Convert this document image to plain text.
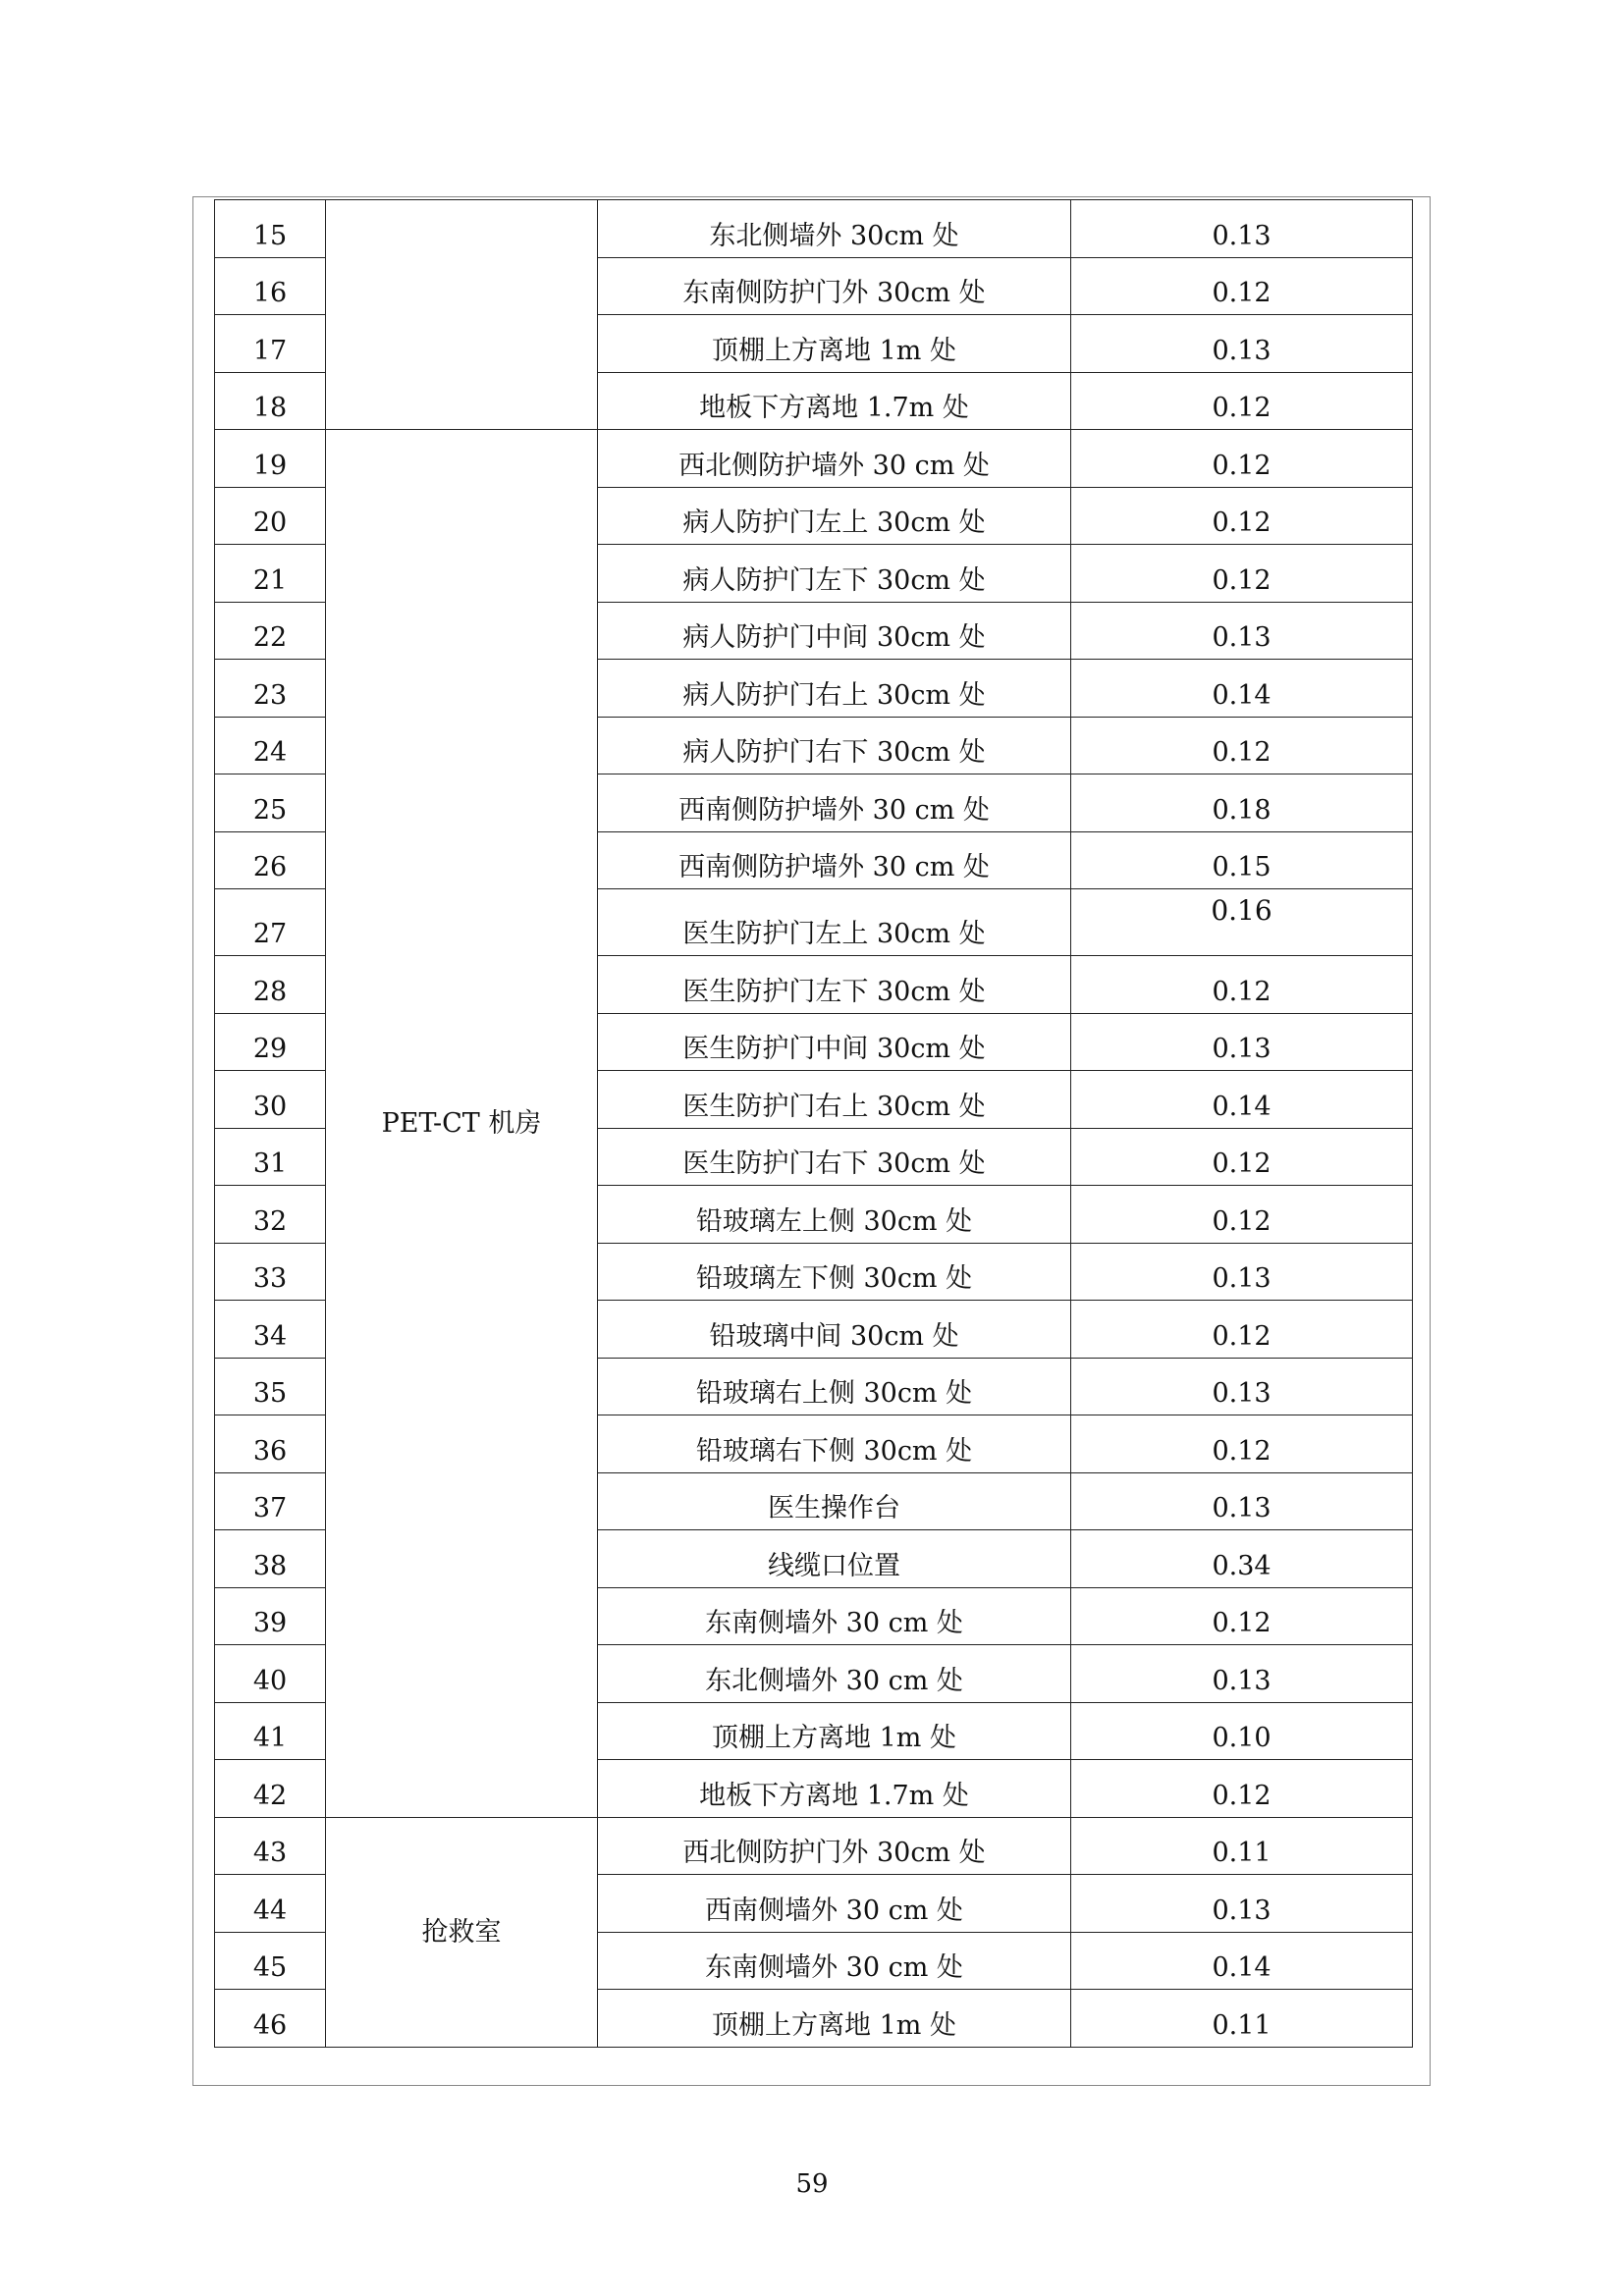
15		东北侧墙外 30cm 处	0.13
16		东南侧防护门外 30cm 处	0.12
17		顶棚上方离地 1m 处	0.13
18		地板下方离地 1.7m 处	0.12
19	PET-CT 机房	西北侧防护墙外 30 cm 处	0.12
20		病人防护门左上 30cm 处	0.12
21		病人防护门左下 30cm 处	0.12
22		病人防护门中间 30cm 处	0.13
23		病人防护门右上 30cm 处	0.14
24		病人防护门右下 30cm 处	0.12
25		西南侧防护墙外 30 cm 处	0.18
26		西南侧防护墙外 30 cm 处	0.15
27		医生防护门左上 30cm 处	0.16
28		医生防护门左下 30cm 处	0.12
29		医生防护门中间 30cm 处	0.13
30		医生防护门右上 30cm 处	0.14
31		医生防护门右下 30cm 处	0.12
32		铅玻璃左上侧 30cm 处	0.12
33		铅玻璃左下侧 30cm 处	0.13
34		铅玻璃中间 30cm 处	0.12
35		铅玻璃右上侧 30cm 处	0.13
36		铅玻璃右下侧 30cm 处	0.12
37		医生操作台	0.13
38		线缆口位置	0.34
39		东南侧墙外 30 cm 处	0.12
40		东北侧墙外 30 cm 处	0.13
41		顶棚上方离地 1m 处	0.10
42		地板下方离地 1.7m 处	0.12
43	抢救室	西北侧防护门外 30cm 处	0.11
44		西南侧墙外 30 cm 处	0.13
45		东南侧墙外 30 cm 处	0.14
46		顶棚上方离地 1m 处	0.11
59
